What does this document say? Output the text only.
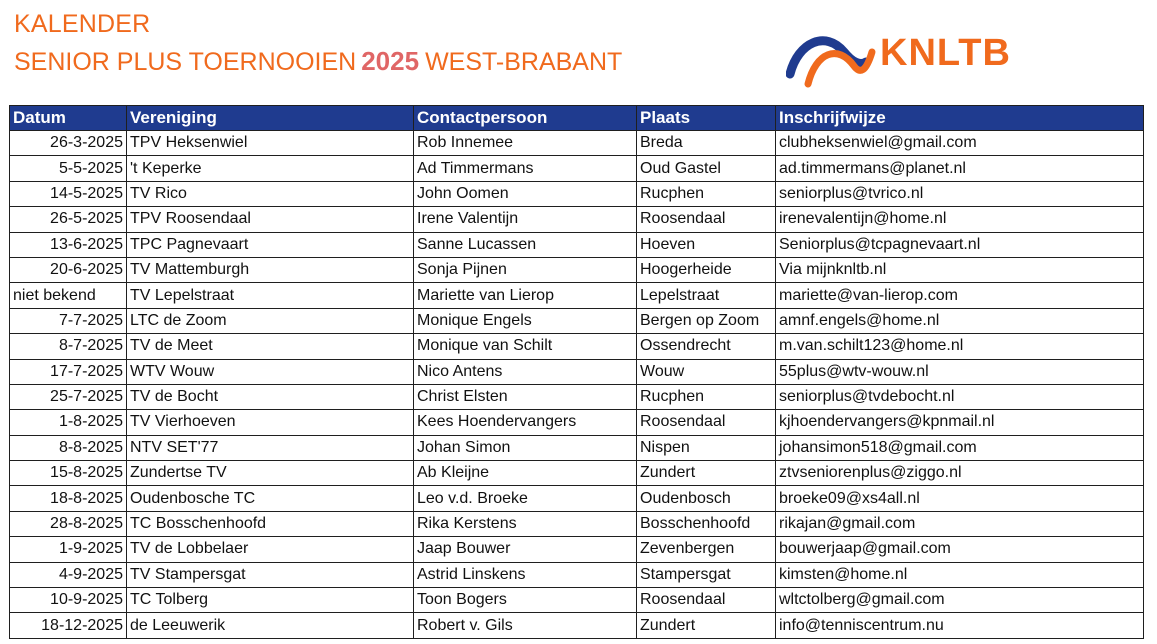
KALENDER
SENIOR PLUS TOERNOOIEN 2025 WEST-BRABANT	KNLTB
Datum	Vereniging	Contactpersoon	Plaats	Inschrijfwijze
26-3-2025	TPV Heksenwiel	Rob Innemee	Breda	clubheksenwiel@gmail.com
5-5-2025	't Keperke	Ad Timmermans	Oud Gastel	ad.timmermans@planet.nl
14-5-2025	TV Rico	John Oomen	Rucphen	seniorplus@tvrico.nl
26-5-2025	TPV Roosendaal	Irene Valentijn	Roosendaal	irenevalentijn@home.nl
13-6-2025	TPC Pagnevaart	Sanne Lucassen	Hoeven	Seniorplus@tcpagnevaart.nl
20-6-2025	TV Mattemburgh	Sonja Pijnen	Hoogerheide	Via mijnknltb.nl
niet bekend	TV Lepelstraat	Mariette van Lierop	Lepelstraat	mariette@van-lierop.com
7-7-2025	LTC de Zoom	Monique Engels	Bergen op Zoom	amnf.engels@home.nl
8-7-2025	TV de Meet	Monique van Schilt	Ossendrecht	m.van.schilt123@home.nl
17-7-2025	WTV Wouw	Nico Antens	Wouw	55plus@wtv-wouw.nl
25-7-2025	TV de Bocht	Christ Elsten	Rucphen	seniorplus@tvdebocht.nl
1-8-2025	TV Vierhoeven	Kees Hoendervangers	Roosendaal	kjhoendervangers@kpnmail.nl
8-8-2025	NTV SET'77	Johan Simon	Nispen	johansimon518@gmail.com
15-8-2025	Zundertse TV	Ab Kleijne	Zundert	ztvseniorenplus@ziggo.nl
18-8-2025	Oudenbosche TC	Leo v.d. Broeke	Oudenbosch	broeke09@xs4all.nl
28-8-2025	TC Bosschenhoofd	Rika Kerstens	Bosschenhoofd	rikajan@gmail.com
1-9-2025	TV de Lobbelaer	Jaap Bouwer	Zevenbergen	bouwerjaap@gmail.com
4-9-2025	TV Stampersgat	Astrid Linskens	Stampersgat	kimsten@home.nl
10-9-2025	TC Tolberg	Toon Bogers	Roosendaal	wltctolberg@gmail.com
18-12-2025	de Leeuwerik	Robert v. Gils	Zundert	info@tenniscentrum.nu
